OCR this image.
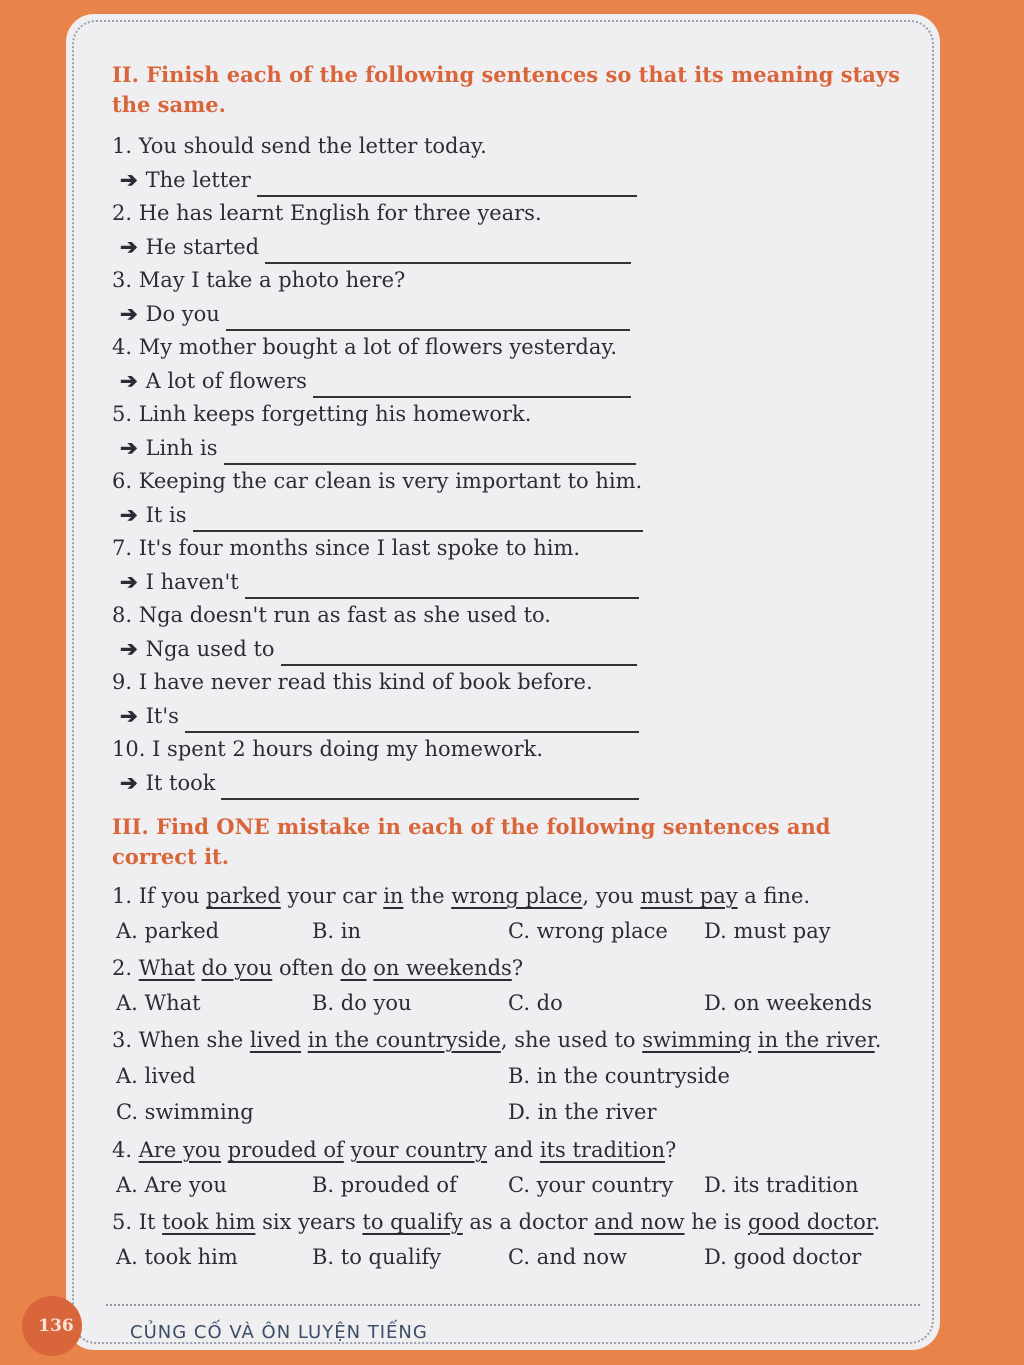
II. Finish each of the following sentences so that its meaning stays the same.

1. You should send the letter today.

➔ The letter

2. He has learnt English for three years.

➔ He started

3. May I take a photo here?

➔ Do you

4. My mother bought a lot of flowers yesterday.

➔ A lot of flowers

5. Linh keeps forgetting his homework.

➔ Linh is

6. Keeping the car clean is very important to him.

➔ It is

7. It's four months since I last spoke to him.

➔ I haven't

8. Nga doesn't run as fast as she used to.

➔ Nga used to

9. I have never read this kind of book before.

➔ It's

10. I spent 2 hours doing my homework.

➔ It took

III. Find ONE mistake in each of the following sentences and correct it.

1. If you parked your car in the wrong place, you must pay a fine.

A. parked	B. in	C. wrong place	D. must pay

2. What do you often do on weekends?

A. What	B. do you	C. do	D. on weekends

3. When she lived in the countryside, she used to swimming in the river.

A. lived	B. in the countryside
C. swimming	D. in the river

4. Are you prouded of your country and its tradition?

A. Are you	B. prouded of	C. your country	D. its tradition

5. It took him six years to qualify as a doctor and now he is good doctor.

A. took him	B. to qualify	C. and now	D. good doctor
CỦNG CỐ VÀ ÔN LUYỆN TIẾNG
136
